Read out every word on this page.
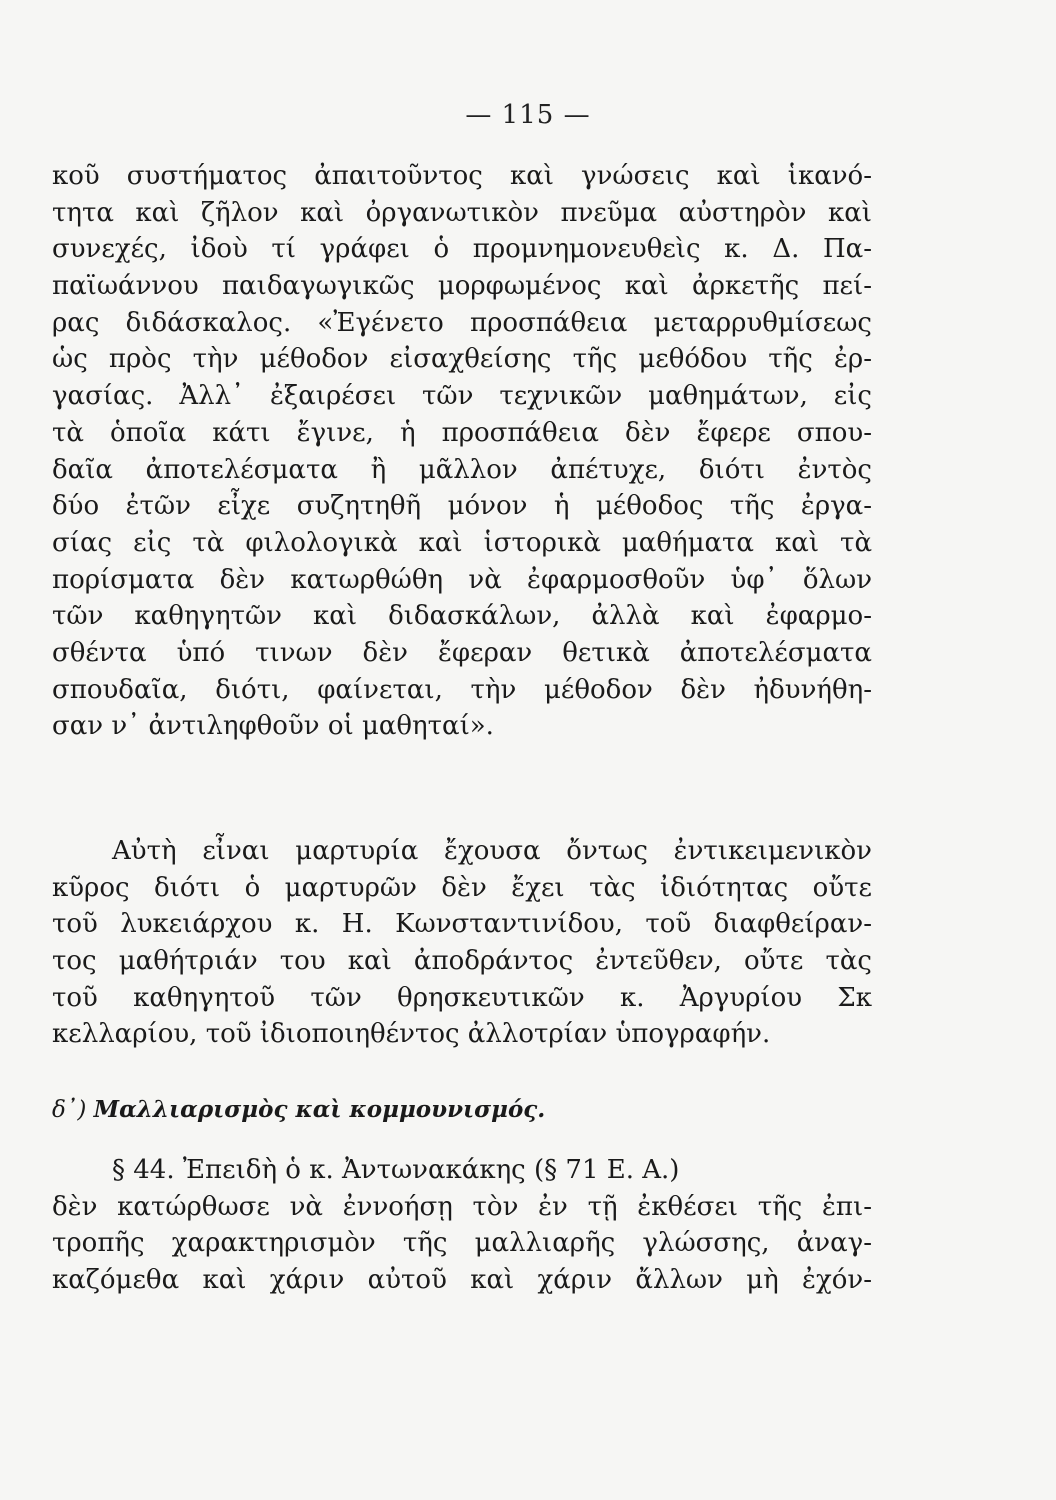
— 115 —
κοῦ συστήματος ἀπαιτοῦντος καὶ γνώσεις καὶ ἱκανό-
τητα καὶ ζῆλον καὶ ὀργανωτικὸν πνεῦμα αὐστηρὸν καὶ
συνεχές, ἰδοὺ τί γράφει ὁ προμνημονευθεὶς κ. Δ. Πα-
παϊωάννου παιδαγωγικῶς μορφωμένος καὶ ἀρκετῆς πεί-
ρας διδάσκαλος. «Ἐγένετο προσπάθεια μεταρρυθμίσεως
ὡς πρὸς τὴν μέθοδον εἰσαχθείσης τῆς μεθόδου τῆς ἐρ-
γασίας. Ἀλλ᾽ ἐξαιρέσει τῶν τεχνικῶν μαθημάτων, εἰς
τὰ ὁποῖα κάτι ἔγινε, ἡ προσπάθεια δὲν ἔφερε σπου-
δαῖα ἀποτελέσματα ἢ μᾶλλον ἀπέτυχε, διότι ἐντὸς
δύο ἐτῶν εἶχε συζητηθῆ μόνον ἡ μέθοδος τῆς ἐργα-
σίας εἰς τὰ φιλολογικὰ καὶ ἱστορικὰ μαθήματα καὶ τὰ
πορίσματα δὲν κατωρθώθη νὰ ἐφαρμοσθοῦν ὑφ᾽ ὅλων
τῶν καθηγητῶν καὶ διδασκάλων, ἀλλὰ καὶ ἐφαρμο-
σθέντα ὑπό τινων δὲν ἔφεραν θετικὰ ἀποτελέσματα
σπουδαῖα, διότι, φαίνεται, τὴν μέθοδον δὲν ἠδυνήθη-
σαν ν᾽ ἀντιληφθοῦν οἱ μαθηταί».
Αὐτὴ εἶναι μαρτυρία ἔχουσα ὄντως ἐντικειμενικὸν
κῦρος διότι ὁ μαρτυρῶν δὲν ἔχει τὰς ἰδιότητας οὔτε
τοῦ λυκειάρχου κ. Η. Κωνσταντινίδου, τοῦ διαφθείραν-
τος μαθήτριάν του καὶ ἀποδράντος ἐντεῦθεν, οὔτε τὰς
τοῦ καθηγητοῦ τῶν θρησκευτικῶν κ. Ἀργυρίου Σκ
κελλαρίου, τοῦ ἰδιοποιηθέντος ἀλλοτρίαν ὑπογραφήν.
δ᾽) Μαλλιαρισμὸς καὶ κομμουνισμός.
§ 44. Ἐπειδὴ ὁ κ. Ἀντωνακάκης (§ 71 Ε. Α.)
δὲν κατώρθωσε νὰ ἐννοήσῃ τὸν ἐν τῇ ἐκθέσει τῆς ἐπι-
τροπῆς χαρακτηρισμὸν τῆς μαλλιαρῆς γλώσσης, ἀναγ-
καζόμεθα καὶ χάριν αὐτοῦ καὶ χάριν ἄλλων μὴ ἐχόν-
